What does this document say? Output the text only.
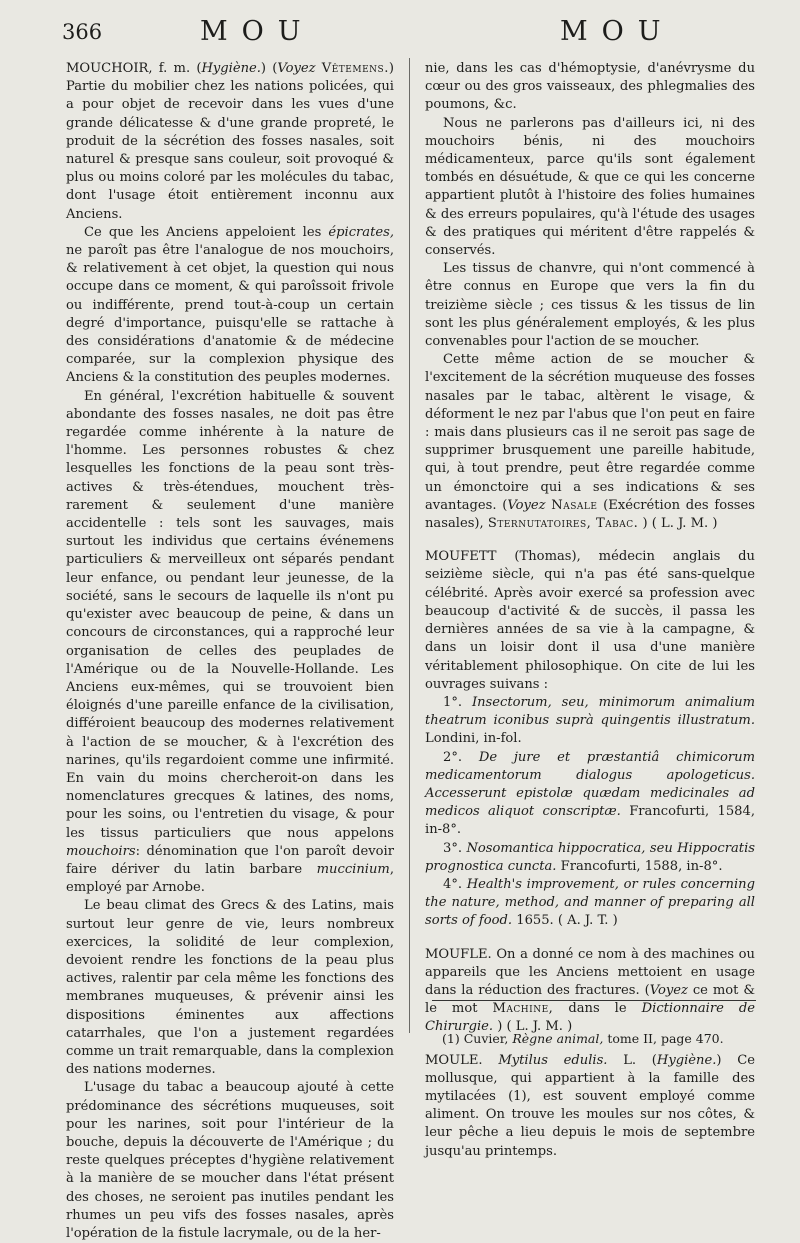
366	MOU	MOU

MOUCHOIR, f. m. (Hygiène.) (Voyez Vêtemens.) Partie du mobilier chez les nations policées, qui a pour objet de recevoir dans les vues d'une grande délicatesse & d'une grande propreté, le produit de la sécrétion des fosses nasales, soit naturel & presque sans couleur, soit provoqué & plus ou moins coloré par les molécules du tabac, dont l'usage étoit entièrement inconnu aux Anciens.

Ce que les Anciens appeloient les épicrates, ne paroît pas être l'analogue de nos mouchoirs, & relativement à cet objet, la question qui nous occupe dans ce moment, & qui paroîssoit frivole ou indifférente, prend tout-à-coup un certain degré d'importance, puisqu'elle se rattache à des considérations d'anatomie & de médecine comparée, sur la complexion physique des Anciens & la constitution des peuples modernes.

En général, l'excrétion habituelle & souvent abondante des fosses nasales, ne doit pas être regardée comme inhérente à la nature de l'homme. Les personnes robustes & chez lesquelles les fonctions de la peau sont très-actives & très-étendues, mouchent très-rarement & seulement d'une manière accidentelle : tels sont les sauvages, mais surtout les individus que certains événemens particuliers & merveilleux ont séparés pendant leur enfance, ou pendant leur jeunesse, de la société, sans le secours de laquelle ils n'ont pu qu'exister avec beaucoup de peine, & dans un concours de circonstances, qui a rapproché leur organisation de celles des peuplades de l'Amérique ou de la Nouvelle-Hollande. Les Anciens eux-mêmes, qui se trouvoient bien éloignés d'une pareille enfance de la civilisation, différoient beaucoup des modernes relativement à l'action de se moucher, & à l'excrétion des narines, qu'ils regardoient comme une infirmité. En vain du moins chercheroit-on dans les nomenclatures grecques & latines, des noms, pour les soins, ou l'entretien du visage, & pour les tissus particuliers que nous appelons mouchoirs: dénomination que l'on paroît devoir faire dériver du latin barbare muccinium, employé par Arnobe.

Le beau climat des Grecs & des Latins, mais surtout leur genre de vie, leurs nombreux exercices, la solidité de leur complexion, devoient rendre les fonctions de la peau plus actives, ralentir par cela même les fonctions des membranes muqueuses, & prévenir ainsi les dispositions éminentes aux affections catarrhales, que l'on a justement regardées comme un trait remarquable, dans la complexion des nations modernes.

L'usage du tabac a beaucoup ajouté à cette prédominance des sécrétions muqueuses, soit pour les narines, soit pour l'intérieur de la bouche, depuis la découverte de l'Amérique ; du reste quelques préceptes d'hygiène relativement à la manière de se moucher dans l'état présent des choses, ne seroient pas inutiles pendant les rhumes un peu vifs des fosses nasales, après l'opération de la fistule lacrymale, ou de la her-

nie, dans les cas d'hémoptysie, d'anévrysme du cœur ou des gros vaisseaux, des phlegmalies des poumons, &c.

Nous ne parlerons pas d'ailleurs ici, ni des mouchoirs bénis, ni des mouchoirs médicamenteux, parce qu'ils sont également tombés en désuétude, & que ce qui les concerne appartient plutôt à l'histoire des folies humaines & des erreurs populaires, qu'à l'étude des usages & des pratiques qui méritent d'être rappelés & conservés.

Les tissus de chanvre, qui n'ont commencé à être connus en Europe que vers la fin du treizième siècle ; ces tissus & les tissus de lin sont les plus généralement employés, & les plus convenables pour l'action de se moucher.

Cette même action de se moucher & l'excitement de la sécrétion muqueuse des fosses nasales par le tabac, altèrent le visage, & déforment le nez par l'abus que l'on peut en faire : mais dans plusieurs cas il ne seroit pas sage de supprimer brusquement une pareille habitude, qui, à tout prendre, peut être regardée comme un émonctoire qui a ses indications & ses avantages. (Voyez Nasale (Exécrétion des fosses nasales), Sternutatoires, Tabac. ) ( L. J. M. )

MOUFETT (Thomas), médecin anglais du seizième siècle, qui n'a pas été sans-quelque célébrité. Après avoir exercé sa profession avec beaucoup d'activité & de succès, il passa les dernières années de sa vie à la campagne, & dans un loisir dont il usa d'une manière véritablement philosophique. On cite de lui les ouvrages suivans :

1°. Insectorum, seu, minimorum animalium theatrum iconibus suprà quingentis illustratum. Londini, in-fol.

2°. De jure et præstantiâ chimicorum medicamentorum dialogus apologeticus. Accesserunt epistolæ quædam medicinales ad medicos aliquot conscriptæ. Francofurti, 1584, in-8°.

3°. Nosomantica hippocratica, seu Hippocratis prognostica cuncta. Francofurti, 1588, in-8°.

4°. Health's improvement, or rules concerning the nature, method, and manner of preparing all sorts of food. 1655. ( A. J. T. )

MOUFLE. On a donné ce nom à des machines ou appareils que les Anciens mettoient en usage dans la réduction des fractures. (Voyez ce mot & le mot Machine, dans le Dictionnaire de Chirurgie. ) ( L. J. M. )

MOULE. Mytilus edulis. L. (Hygiène.) Ce mollusque, qui appartient à la famille des mytilacées (1), est souvent employé comme aliment. On trouve les moules sur nos côtes, & leur pêche a lieu depuis le mois de septembre jusqu'au printemps.

(1) Cuvier, Règne animal, tome II, page 470.
